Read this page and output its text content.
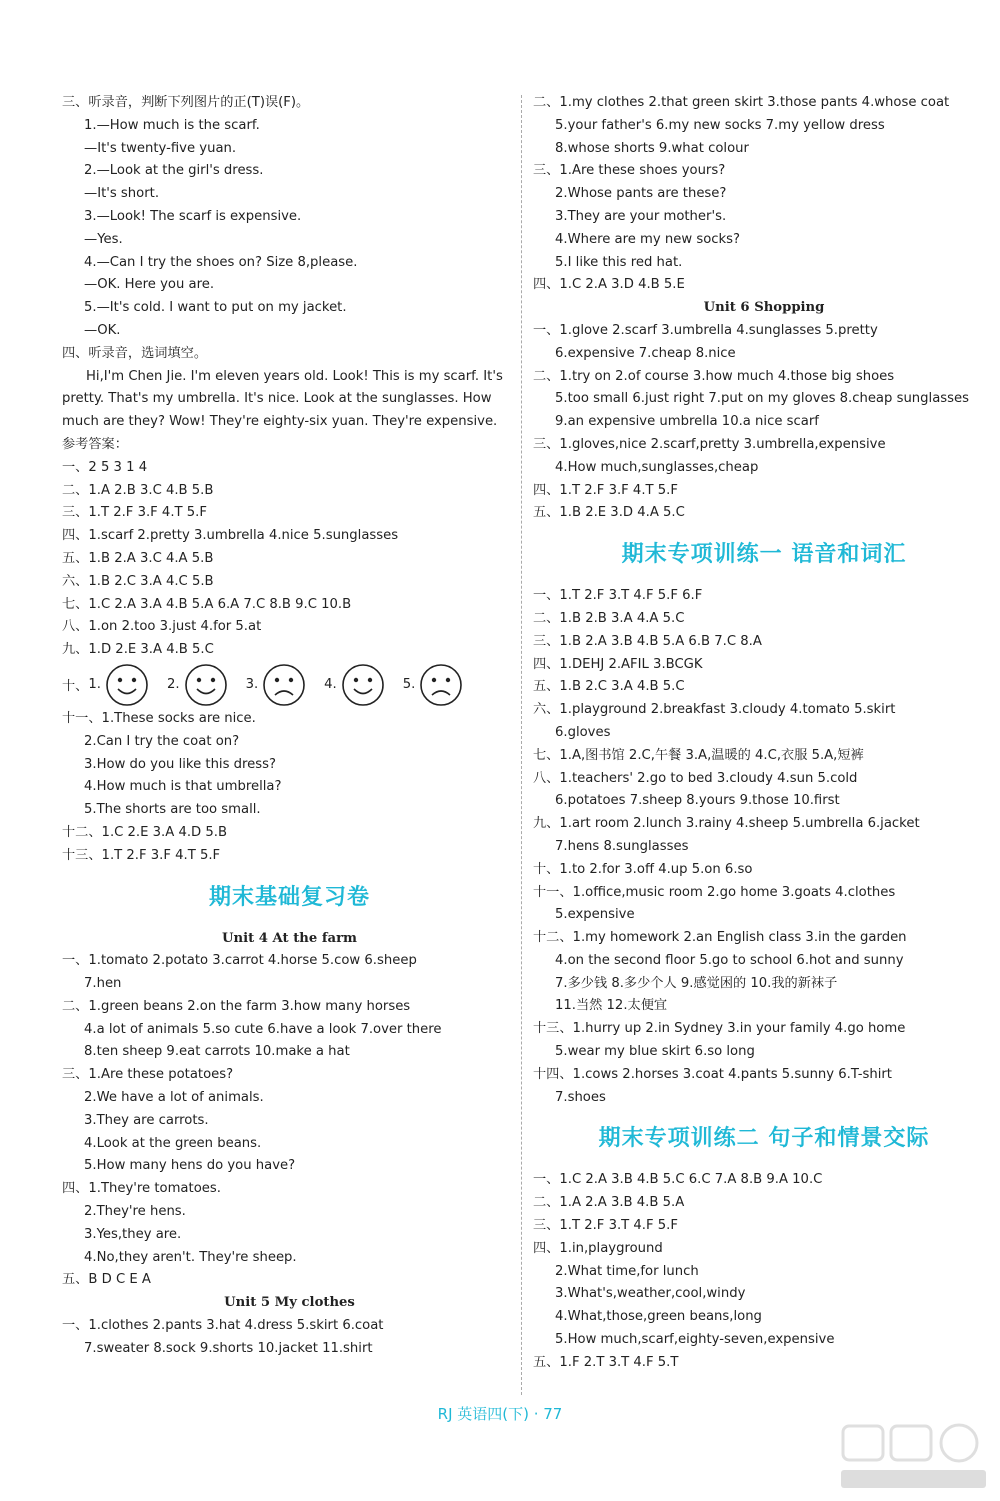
三、听录音，判断下列图片的正(T)误(F)。
1.—How much is the scarf.
—It's twenty-five yuan.
2.—Look at the girl's dress.
—It's short.
3.—Look! The scarf is expensive.
—Yes.
4.—Can I try the shoes on? Size 8,please.
—OK. Here you are.
5.—It's cold. I want to put on my jacket.
—OK.
四、听录音，选词填空。

Hi,I'm Chen Jie. I'm eleven years old. Look! This is my scarf. It's pretty. That's my umbrella. It's nice. Look at the sunglasses. How much are they? Wow! They're eighty-six yuan. They're expensive.

参考答案：
一、2 5 3 1 4
二、1.A 2.B 3.C 4.B 5.B
三、1.T 2.F 3.F 4.T 5.F
四、1.scarf 2.pretty 3.umbrella 4.nice 5.sunglasses
五、1.B 2.A 3.C 4.A 5.B
六、1.B 2.C 3.A 4.C 5.B
七、1.C 2.A 3.A 4.B 5.A 6.A 7.C 8.B 9.C 10.B
八、1.on 2.too 3.just 4.for 5.at
九、1.D 2.E 3.A 4.B 5.C
十、 1.	2.	3.	4.	5.
十一、1.These socks are nice.
2.Can I try the coat on?
3.How do you like this dress?
4.How much is that umbrella?
5.The shorts are too small.
十二、1.C 2.E 3.A 4.D 5.B
十三、1.T 2.F 3.F 4.T 5.F
期末基础复习卷
Unit 4 At the farm
一、1.tomato 2.potato 3.carrot 4.horse 5.cow 6.sheep
7.hen
二、1.green beans 2.on the farm 3.how many horses
4.a lot of animals 5.so cute 6.have a look 7.over there
8.ten sheep 9.eat carrots 10.make a hat
三、1.Are these potatoes?
2.We have a lot of animals.
3.They are carrots.
4.Look at the green beans.
5.How many hens do you have?
四、1.They're tomatoes.
2.They're hens.
3.Yes,they are.
4.No,they aren't. They're sheep.
五、B D C E A
Unit 5 My clothes
一、1.clothes 2.pants 3.hat 4.dress 5.skirt 6.coat
7.sweater 8.sock 9.shorts 10.jacket 11.shirt
二、1.my clothes 2.that green skirt 3.those pants 4.whose coat
5.your father's 6.my new socks 7.my yellow dress
8.whose shorts 9.what colour
三、1.Are these shoes yours?
2.Whose pants are these?
3.They are your mother's.
4.Where are my new socks?
5.I like this red hat.
四、1.C 2.A 3.D 4.B 5.E
Unit 6 Shopping
一、1.glove 2.scarf 3.umbrella 4.sunglasses 5.pretty
6.expensive 7.cheap 8.nice
二、1.try on 2.of course 3.how much 4.those big shoes
5.too small 6.just right 7.put on my gloves 8.cheap sunglasses
9.an expensive umbrella 10.a nice scarf
三、1.gloves,nice 2.scarf,pretty 3.umbrella,expensive
4.How much,sunglasses,cheap
四、1.T 2.F 3.F 4.T 5.F
五、1.B 2.E 3.D 4.A 5.C
期末专项训练一 语音和词汇
一、1.T 2.F 3.T 4.F 5.F 6.F
二、1.B 2.B 3.A 4.A 5.C
三、1.B 2.A 3.B 4.B 5.A 6.B 7.C 8.A
四、1.DEHJ 2.AFIL 3.BCGK
五、1.B 2.C 3.A 4.B 5.C
六、1.playground 2.breakfast 3.cloudy 4.tomato 5.skirt
6.gloves
七、1.A,图书馆 2.C,午餐 3.A,温暖的 4.C,衣服 5.A,短裤
八、1.teachers' 2.go to bed 3.cloudy 4.sun 5.cold
6.potatoes 7.sheep 8.yours 9.those 10.first
九、1.art room 2.lunch 3.rainy 4.sheep 5.umbrella 6.jacket
7.hens 8.sunglasses
十、1.to 2.for 3.off 4.up 5.on 6.so
十一、1.office,music room 2.go home 3.goats 4.clothes
5.expensive
十二、1.my homework 2.an English class 3.in the garden
4.on the second floor 5.go to school 6.hot and sunny
7.多少钱 8.多少个人 9.感觉困的 10.我的新袜子
11.当然 12.太便宜
十三、1.hurry up 2.in Sydney 3.in your family 4.go home
5.wear my blue skirt 6.so long
十四、1.cows 2.horses 3.coat 4.pants 5.sunny 6.T-shirt
7.shoes
期末专项训练二 句子和情景交际
一、1.C 2.A 3.B 4.B 5.C 6.C 7.A 8.B 9.A 10.C
二、1.A 2.A 3.B 4.B 5.A
三、1.T 2.F 3.T 4.F 5.F
四、1.in,playground
2.What time,for lunch
3.What's,weather,cool,windy
4.What,those,green beans,long
5.How much,scarf,eighty-seven,expensive
五、1.F 2.T 3.T 4.F 5.T
RJ 英语四(下) · 77
